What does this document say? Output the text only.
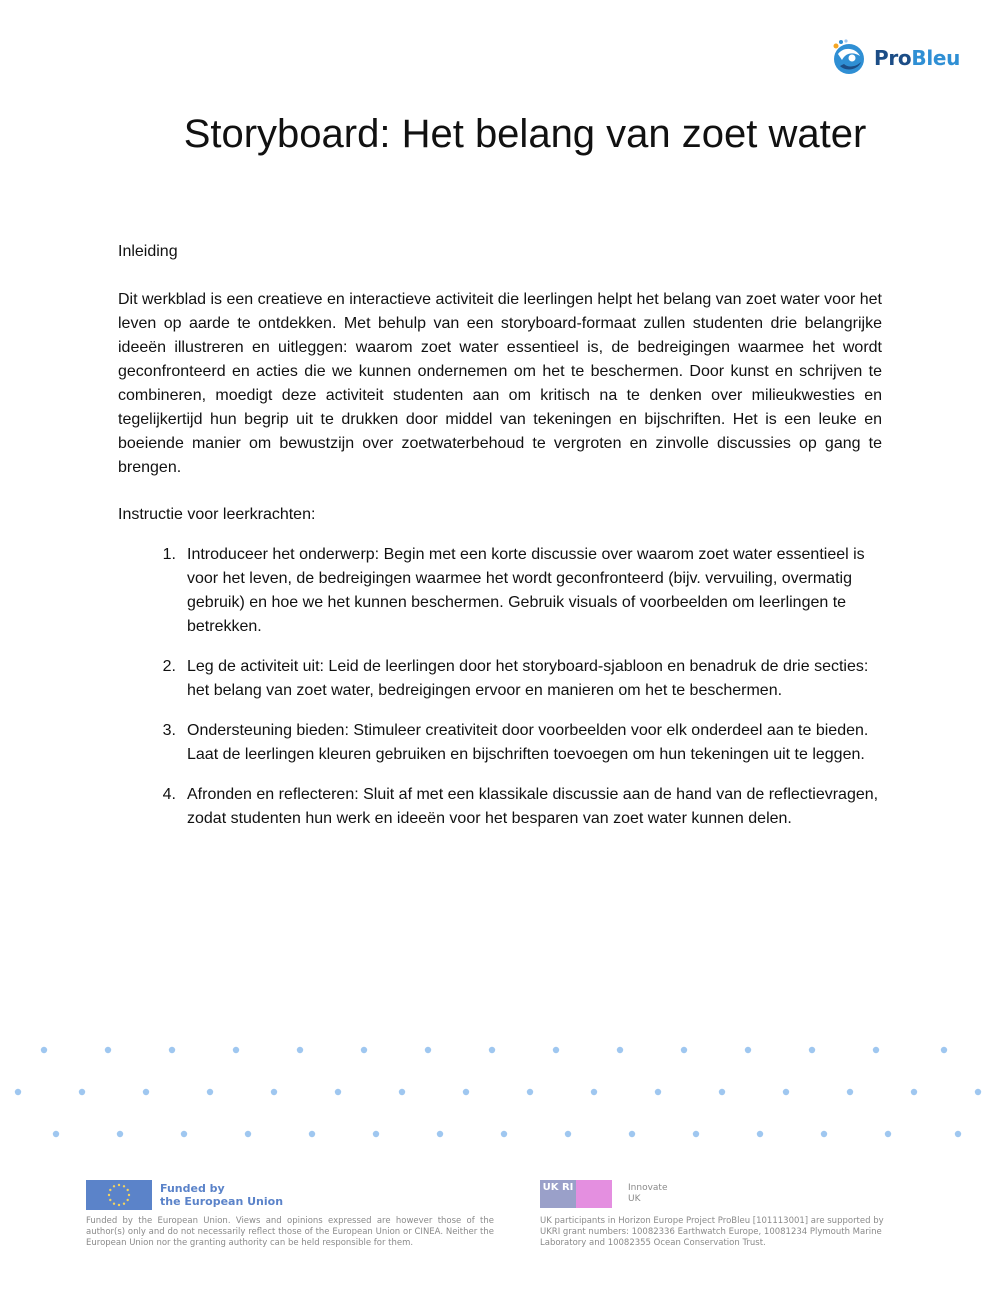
ProBleu
Storyboard: Het belang van zoet water

Inleiding

Dit werkblad is een creatieve en interactieve activiteit die leerlingen helpt het belang van zoet water voor het leven op aarde te ontdekken. Met behulp van een storyboard-formaat zullen studenten drie belangrijke ideeën illustreren en uitleggen: waarom zoet water essentieel is, de bedreigingen waarmee het wordt geconfronteerd en acties die we kunnen ondernemen om het te beschermen. Door kunst en schrijven te combineren, moedigt deze activiteit studenten aan om kritisch na te denken over milieukwesties en tegelijkertijd hun begrip uit te drukken door middel van tekeningen en bijschriften. Het is een leuke en boeiende manier om bewustzijn over zoetwaterbehoud te vergroten en zinvolle discussies op gang te brengen.

Instructie voor leerkrachten:

1. Introduceer het onderwerp: Begin met een korte discussie over waarom zoet water essentieel is voor het leven, de bedreigingen waarmee het wordt geconfronteerd (bijv. vervuiling, overmatig gebruik) en hoe we het kunnen beschermen. Gebruik visuals of voorbeelden om leerlingen te betrekken.
2. Leg de activiteit uit: Leid de leerlingen door het storyboard-sjabloon en benadruk de drie secties: het belang van zoet water, bedreigingen ervoor en manieren om het te beschermen.
3. Ondersteuning bieden: Stimuleer creativiteit door voorbeelden voor elk onderdeel aan te bieden. Laat de leerlingen kleuren gebruiken en bijschriften toevoegen om hun tekeningen uit te leggen.
4. Afronden en reflecteren: Sluit af met een klassikale discussie aan de hand van de reflectievragen, zodat studenten hun werk en ideeën voor het besparen van zoet water kunnen delen.
Funded by
the European Union
Funded by the European Union. Views and opinions expressed are however those of the author(s) only and do not necessarily reflect those of the European Union or CINEA. Neither the European Union nor the granting authority can be held responsible for them.
UK RI	Innovate
UK
UK participants in Horizon Europe Project ProBleu [101113001] are supported by UKRI grant numbers: 10082336 Earthwatch Europe, 10081234 Plymouth Marine Laboratory and 10082355 Ocean Conservation Trust.
